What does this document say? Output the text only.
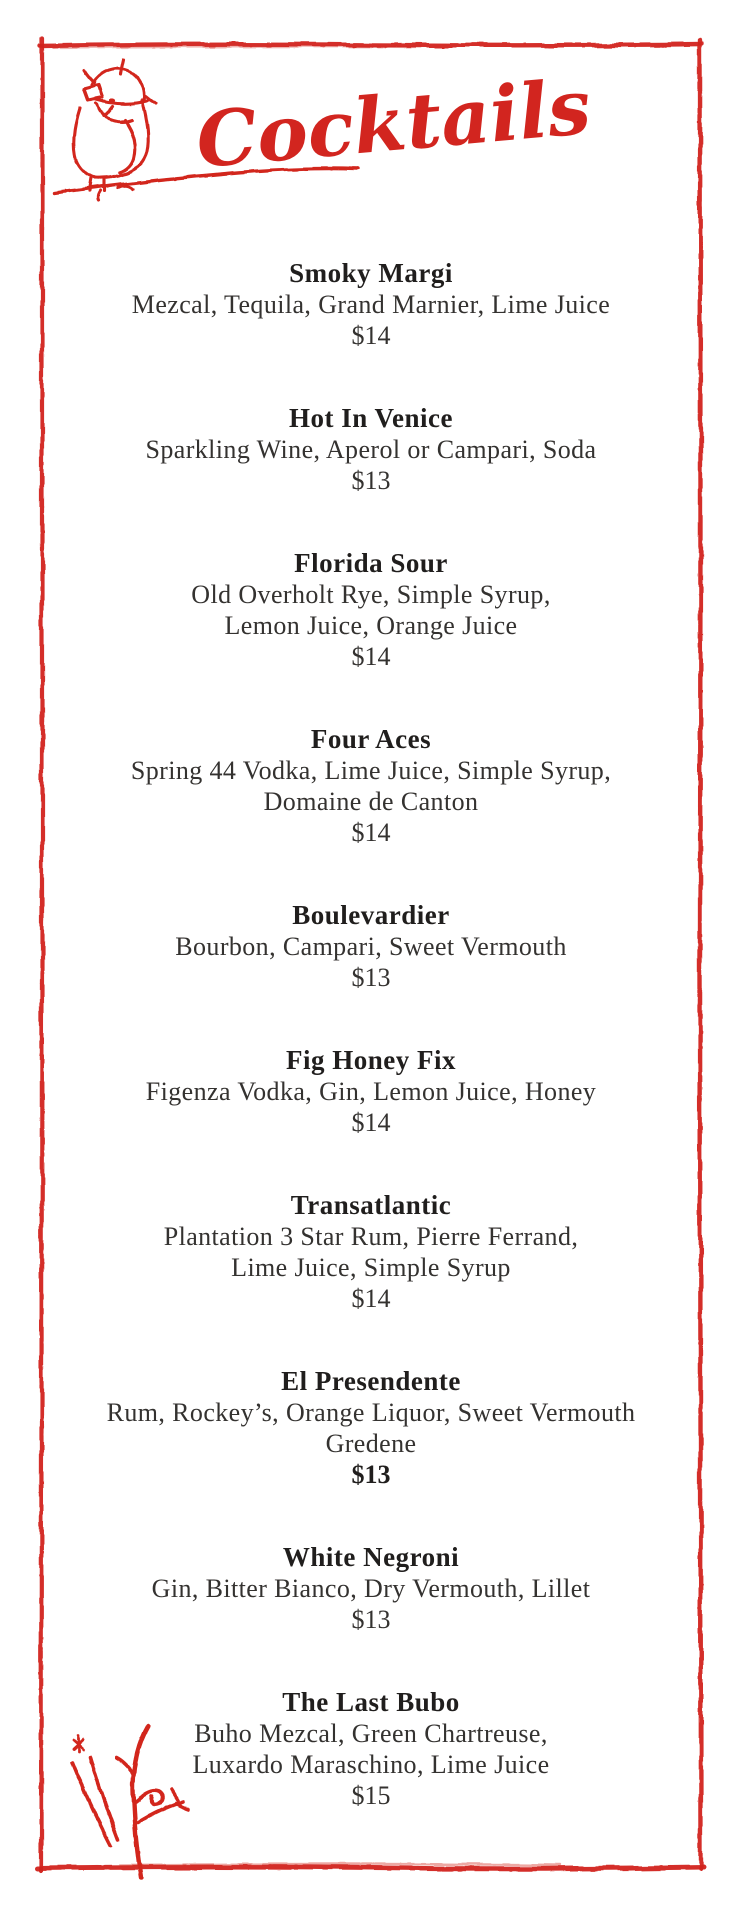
Cocktails
Smoky Margi
Mezcal, Tequila, Grand Marnier, Lime Juice
$14
Hot In Venice
Sparkling Wine, Aperol or Campari, Soda
$13
Florida Sour
Old Overholt Rye, Simple Syrup,
Lemon Juice, Orange Juice
$14
Four Aces
Spring 44 Vodka, Lime Juice, Simple Syrup,
Domaine de Canton
$14
Boulevardier
Bourbon, Campari, Sweet Vermouth
$13
Fig Honey Fix
Figenza Vodka, Gin, Lemon Juice, Honey
$14
Transatlantic
Plantation 3 Star Rum, Pierre Ferrand,
Lime Juice, Simple Syrup
$14
El Presendente
Rum, Rockey’s, Orange Liquor, Sweet Vermouth
Gredene
$13
White Negroni
Gin, Bitter Bianco, Dry Vermouth, Lillet
$13
The Last Bubo
Buho Mezcal, Green Chartreuse,
Luxardo Maraschino, Lime Juice
$15
